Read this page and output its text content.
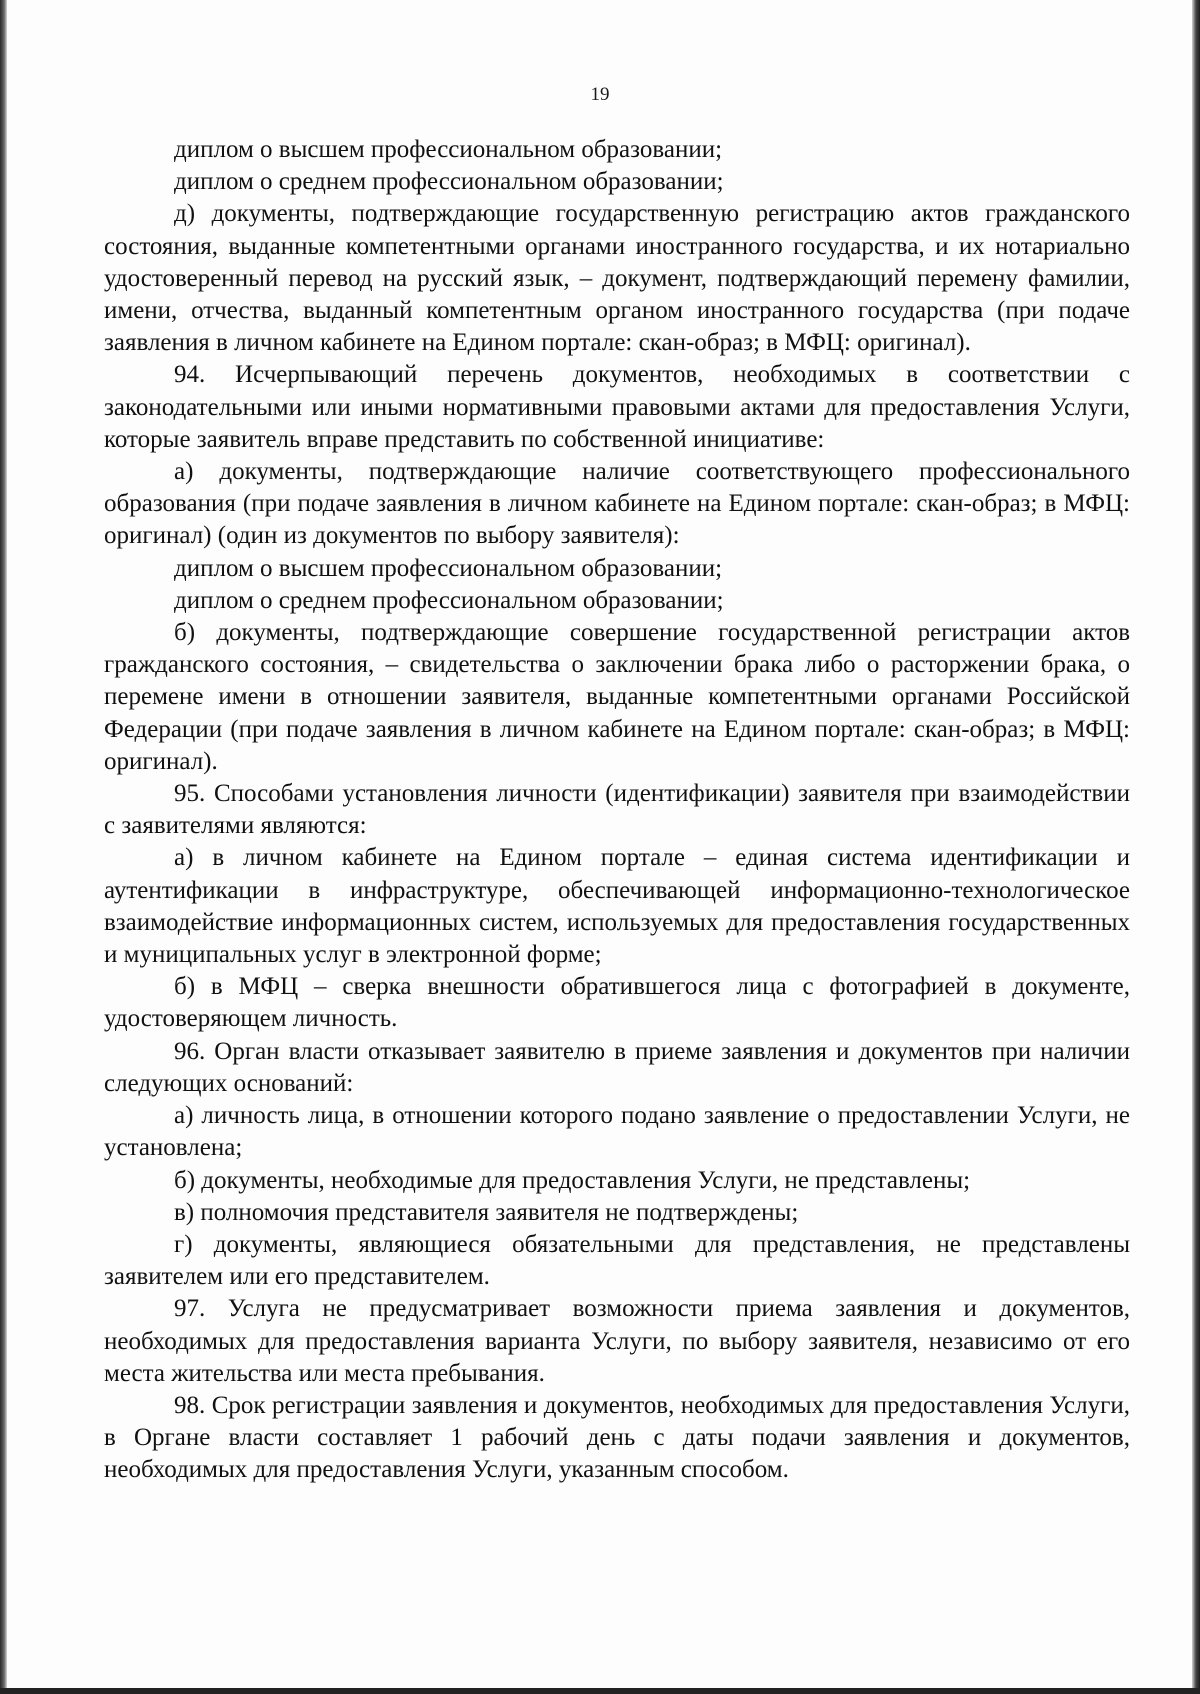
19

диплом о высшем профессиональном образовании;

диплом о среднем профессиональном образовании;

д) документы, подтверждающие государственную регистрацию актов гражданского состояния, выданные компетентными органами иностранного государства, и их нотариально удостоверенный перевод на русский язык, – документ, подтверждающий перемену фамилии, имени, отчества, выданный компетентным органом иностранного государства (при подаче заявления в личном кабинете на Едином портале: скан-образ; в МФЦ: оригинал).

94. Исчерпывающий перечень документов, необходимых в соответствии с законодательными или иными нормативными правовыми актами для предоставления Услуги, которые заявитель вправе представить по собственной инициативе:

а) документы, подтверждающие наличие соответствующего профессионального образования (при подаче заявления в личном кабинете на Едином портале: скан-образ; в МФЦ: оригинал) (один из документов по выбору заявителя):

диплом о высшем профессиональном образовании;

диплом о среднем профессиональном образовании;

б) документы, подтверждающие совершение государственной регистрации актов гражданского состояния, – свидетельства о заключении брака либо о расторжении брака, о перемене имени в отношении заявителя, выданные компетентными органами Российской Федерации (при подаче заявления в личном кабинете на Едином портале: скан-образ; в МФЦ: оригинал).

95. Способами установления личности (идентификации) заявителя при взаимодействии с заявителями являются:

а) в личном кабинете на Едином портале – единая система идентификации и аутентификации в инфраструктуре, обеспечивающей информационно-технологическое взаимодействие информационных систем, используемых для предоставления государственных и муниципальных услуг в электронной форме;

б) в МФЦ – сверка внешности обратившегося лица с фотографией в документе, удостоверяющем личность.

96. Орган власти отказывает заявителю в приеме заявления и документов при наличии следующих оснований:

а) личность лица, в отношении которого подано заявление о предоставлении Услуги, не установлена;

б) документы, необходимые для предоставления Услуги, не представлены;

в) полномочия представителя заявителя не подтверждены;

г) документы, являющиеся обязательными для представления, не представлены заявителем или его представителем.

97. Услуга не предусматривает возможности приема заявления и документов, необходимых для предоставления варианта Услуги, по выбору заявителя, независимо от его места жительства или места пребывания.

98. Срок регистрации заявления и документов, необходимых для предоставления Услуги, в Органе власти составляет 1 рабочий день с даты подачи заявления и документов, необходимых для предоставления Услуги, указанным способом.
